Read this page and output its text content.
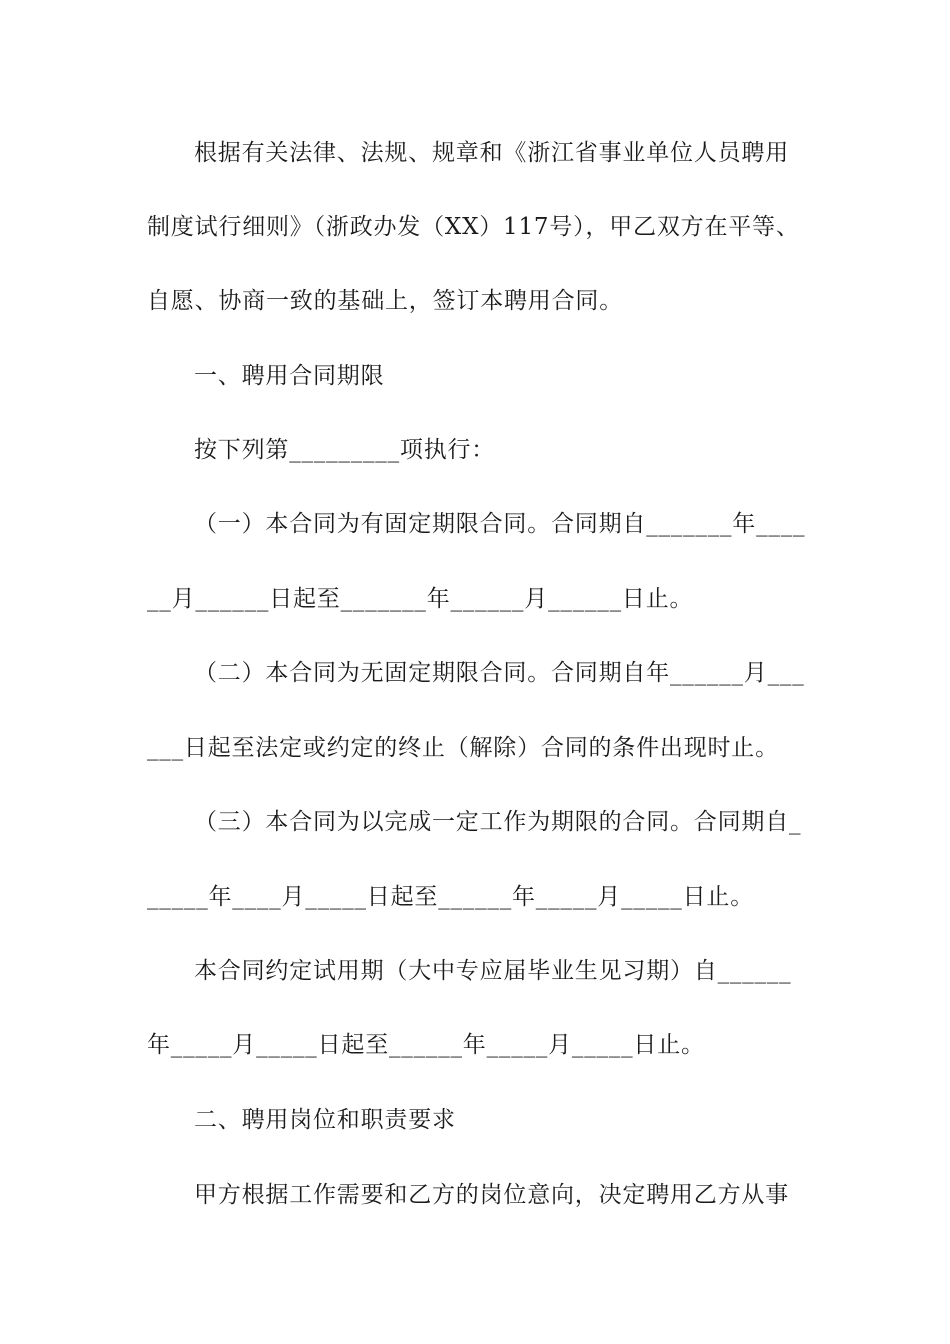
根据有关法律、法规、规章和《浙江省事业单位人员聘用
制度试行细则》（浙政办发（XX）117号），甲乙双方在平等、
自愿、协商一致的基础上，签订本聘用合同。
一、聘用合同期限
按下列第_________项执行：
（一）本合同为有固定期限合同。合同期自_______年____
__月______日起至_______年______月______日止。
（二）本合同为无固定期限合同。合同期自年______月___
___日起至法定或约定的终止（解除）合同的条件出现时止。
（三）本合同为以完成一定工作为期限的合同。合同期自_
_____年____月_____日起至______年_____月_____日止。
本合同约定试用期（大中专应届毕业生见习期）自______
年_____月_____日起至______年_____月_____日止。
二、聘用岗位和职责要求
甲方根据工作需要和乙方的岗位意向，决定聘用乙方从事
